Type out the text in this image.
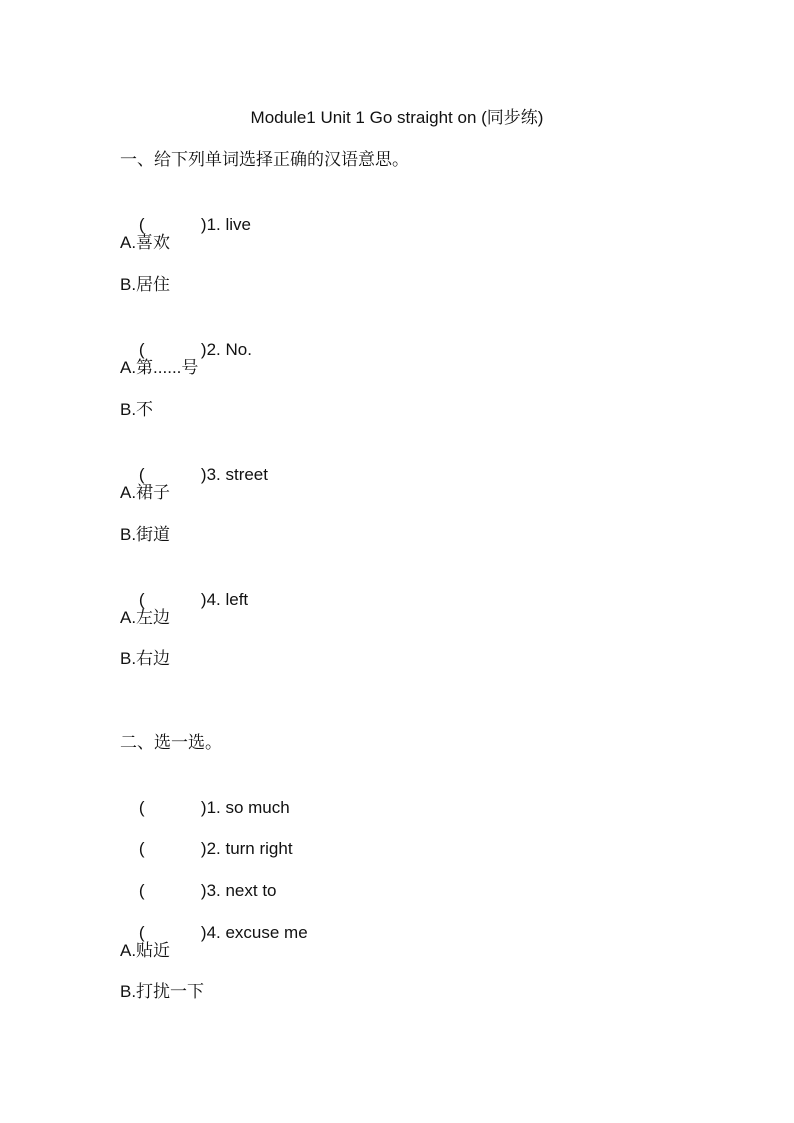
Module1 Unit 1 Go straight on (同步练)
一、给下列单词选择正确的汉语意思。

(	)1. live

A.喜欢
B.居住

(	)2. No.

A.第......号
B.不

(	)3. street

A.裙子
B.街道

(	)4. left

A.左边
B.右边
二、选一选。

(	)1. so much

(	)2. turn right

(	)3. next to

(	)4. excuse me

A.贴近
B.打扰一下
